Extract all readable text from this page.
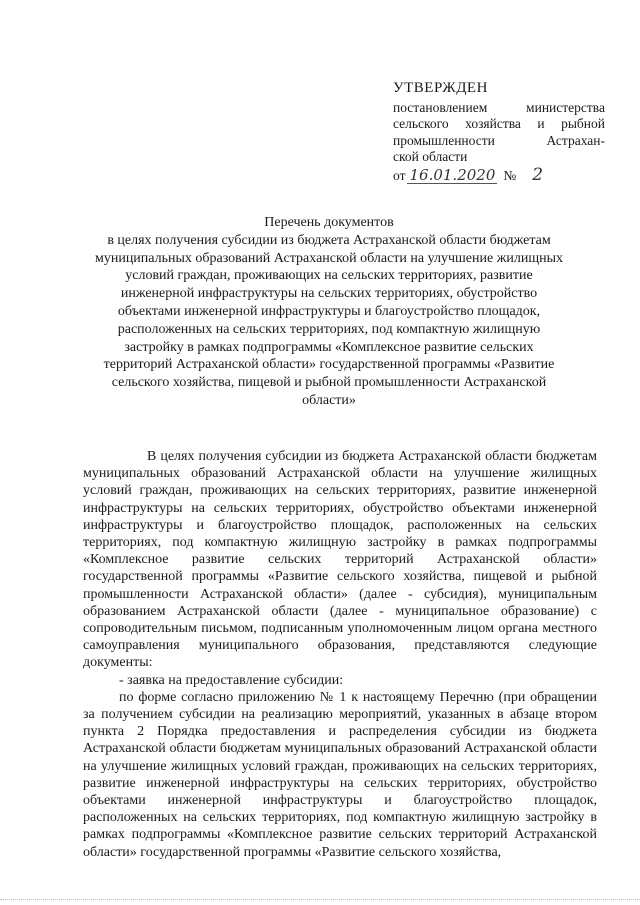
УТВЕРЖДЕН
постановлением министерства
сельского хозяйства и рыбной
промышленности Астрахан-
ской области
от 16.01.2020 № 2
Перечень документов
в целях получения субсидии из бюджета Астраханской области бюджетам
муниципальных образований Астраханской области на улучшение жилищных
условий граждан, проживающих на сельских территориях, развитие
инженерной инфраструктуры на сельских территориях, обустройство
объектами инженерной инфраструктуры и благоустройство площадок,
расположенных на сельских территориях, под компактную жилищную
застройку в рамках подпрограммы «Комплексное развитие сельских
территорий Астраханской области» государственной программы «Развитие
сельского хозяйства, пищевой и рыбной промышленности Астраханской
области»

В целях получения субсидии из бюджета Астраханской области бюджетам муниципальных образований Астраханской области на улучшение жилищных условий граждан, проживающих на сельских территориях, развитие инженерной инфраструктуры на сельских территориях, обустройство объектами инженерной инфраструктуры и благоустройство площадок, расположенных на сельских территориях, под компактную жилищную застройку в рамках подпрограммы «Комплексное развитие сельских территорий Астраханской области» государственной программы «Развитие сельского хозяйства, пищевой и рыбной промышленности Астраханской области» (далее - субсидия), муниципальным образованием Астраханской области (далее - муниципальное образование) с сопроводительным письмом, подписанным уполномоченным лицом органа местного самоуправления муниципального образования, представляются следующие документы:

- заявка на предоставление субсидии:

по форме согласно приложению № 1 к настоящему Перечню (при обращении за получением субсидии на реализацию мероприятий, указанных в абзаце втором пункта 2 Порядка предоставления и распределения субсидии из бюджета Астраханской области бюджетам муниципальных образований Астраханской области на улучшение жилищных условий граждан, проживающих на сельских территориях, развитие инженерной инфраструктуры на сельских территориях, обустройство объектами инженерной инфраструктуры и благоустройство площадок, расположенных на сельских территориях, под компактную жилищную застройку в рамках подпрограммы «Комплексное развитие сельских территорий Астраханской области» государственной программы «Развитие сельского хозяйства,
